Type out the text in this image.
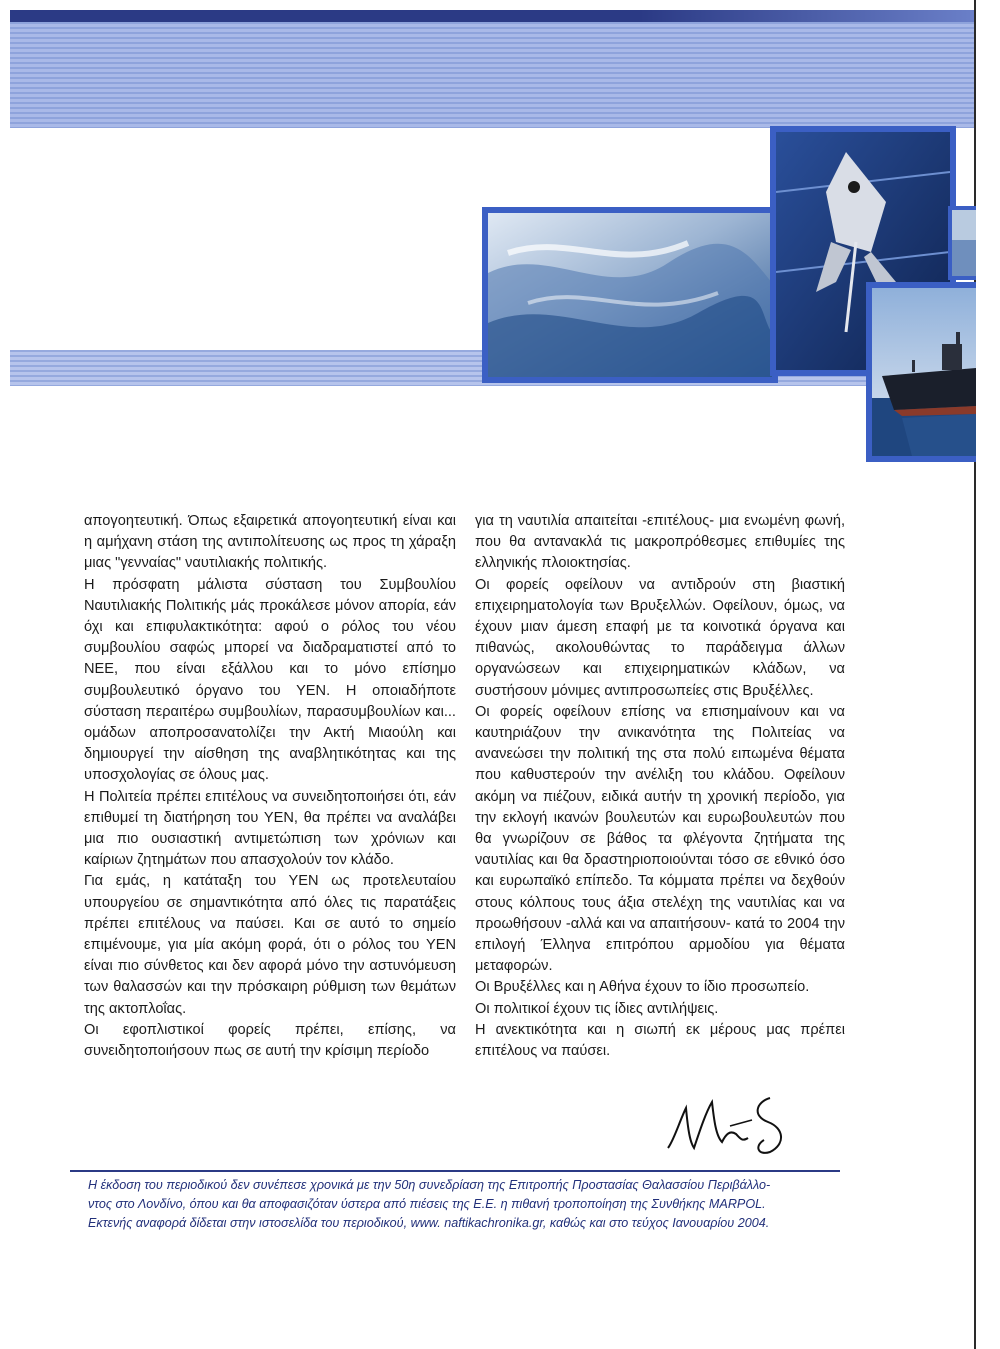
απογοητευτική. Όπως εξαιρετικά απογοητευτική είναι και η αμήχανη στάση της αντιπολίτευσης ως προς τη χάραξη μιας "γενναίας" ναυτιλιακής πολιτικής.

Η πρόσφατη μάλιστα σύσταση του Συμβουλίου Ναυτιλιακής Πολιτικής μάς προκάλεσε μόνον απορία, εάν όχι και επιφυλακτικότητα: αφού ο ρόλος του νέου συμβουλίου σαφώς μπορεί να διαδραματιστεί από το ΝΕΕ, που είναι εξάλλου και το μόνο επίσημο συμβουλευτικό όργανο του ΥΕΝ. Η οποιαδήποτε σύσταση περαιτέρω συμβουλίων, παρασυμβουλίων και... ομάδων αποπροσανατολίζει την Ακτή Μιαούλη και δημιουργεί την αίσθηση της αναβλητικότητας και της υποσχολογίας σε όλους μας.

Η Πολιτεία πρέπει επιτέλους να συνειδητοποιήσει ότι, εάν επιθυμεί τη διατήρηση του ΥΕΝ, θα πρέπει να αναλάβει μια πιο ουσιαστική αντιμετώπιση των χρόνιων και καίριων ζητημάτων που απασχολούν τον κλάδο.

Για εμάς, η κατάταξη του ΥΕΝ ως προτελευταίου υπουργείου σε σημαντικότητα από όλες τις παρατάξεις πρέπει επιτέλους να παύσει. Και σε αυτό το σημείο επιμένουμε, για μία ακόμη φορά, ότι ο ρόλος του ΥΕΝ είναι πιο σύνθετος και δεν αφορά μόνο την αστυνόμευση των θαλασσών και την πρόσκαιρη ρύθμιση των θεμάτων της ακτοπλοΐας.

Οι εφοπλιστικοί φορείς πρέπει, επίσης, να συνειδητοποιήσουν πως σε αυτή την κρίσιμη περίοδο

για τη ναυτιλία απαιτείται -επιτέλους- μια ενωμένη φωνή, που θα αντανακλά τις μακροπρόθεσμες επιθυμίες της ελληνικής πλοιοκτησίας.

Οι φορείς οφείλουν να αντιδρούν στη βιαστική επιχειρηματολογία των Βρυξελλών. Οφείλουν, όμως, να έχουν μιαν άμεση επαφή με τα κοινοτικά όργανα και πιθανώς, ακολουθώντας το παράδειγμα άλλων οργανώσεων και επιχειρηματικών κλάδων, να συστήσουν μόνιμες αντιπροσωπείες στις Βρυξέλλες.

Οι φορείς οφείλουν επίσης να επισημαίνουν και να καυτηριάζουν την ανικανότητα της Πολιτείας να ανανεώσει την πολιτική της στα πολύ ειπωμένα θέματα που καθυστερούν την ανέλιξη του κλάδου. Οφείλουν ακόμη να πιέζουν, ειδικά αυτήν τη χρονική περίοδο, για την εκλογή ικανών βουλευτών και ευρωβουλευτών που θα γνωρίζουν σε βάθος τα φλέγοντα ζητήματα της ναυτιλίας και θα δραστηριοποιούνται τόσο σε εθνικό όσο και ευρωπαϊκό επίπεδο. Τα κόμματα πρέπει να δεχθούν στους κόλπους τους άξια στελέχη της ναυτιλίας και να προωθήσουν -αλλά και να απαιτήσουν- κατά το 2004 την επιλογή Έλληνα επιτρόπου αρμοδίου για θέματα μεταφορών.

Οι Βρυξέλλες και η Αθήνα έχουν το ίδιο προσωπείο.

Οι πολιτικοί έχουν τις ίδιες αντιλήψεις.

Η ανεκτικότητα και η σιωπή εκ μέρους μας πρέπει επιτέλους να παύσει.

Η έκδοση του περιοδικού δεν συνέπεσε χρονικά με την 50η συνεδρίαση της Επιτροπής Προστασίας Θαλασσίου Περιβάλλο-

ντος στο Λονδίνο, όπου και θα αποφασιζόταν ύστερα από πιέσεις της Ε.Ε. η πιθανή τροποποίηση της Συνθήκης MARPOL.

Εκτενής αναφορά δίδεται στην ιστοσελίδα του περιοδικού, www. naftikachronika.gr, καθώς και στο τεύχος Ιανουαρίου 2004.
